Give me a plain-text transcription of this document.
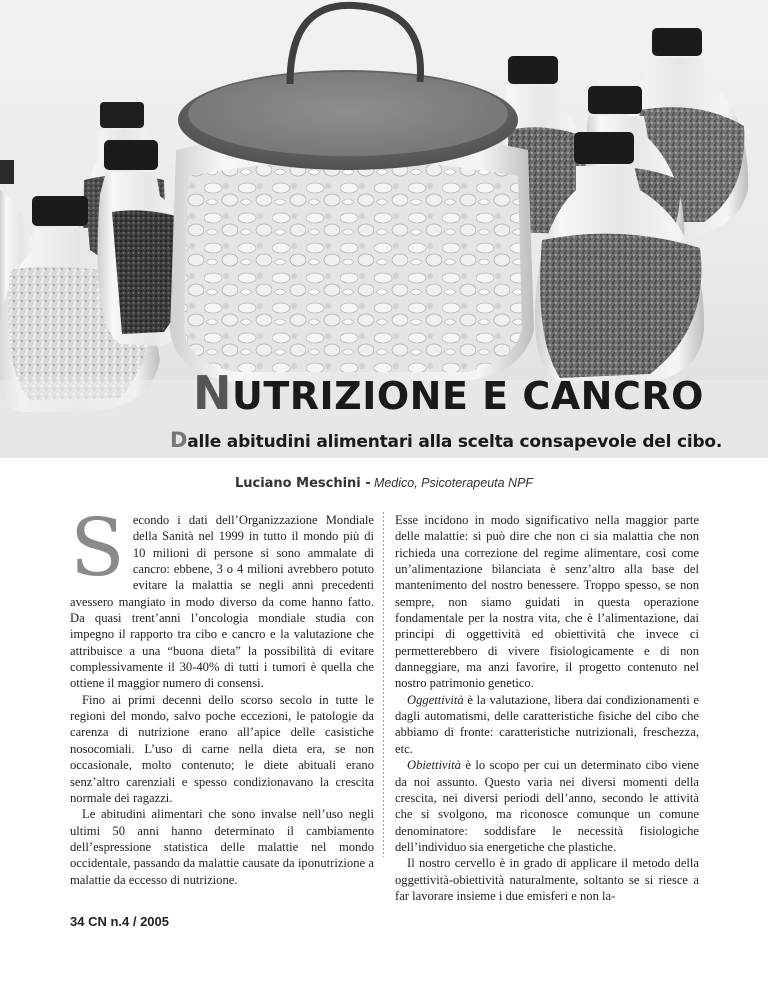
NUTRIZIONE E CANCRO
Dalle abitudini alimentari alla scelta consapevole del cibo.
Luciano Meschini - Medico, Psicoterapeuta NPF

Secondo i dati dell’Organizzazione Mondiale della Sanità nel 1999 in tutto il mondo più di 10 milioni di persone si sono ammalate di cancro: ebbene, 3 o 4 milioni avrebbero potuto evitare la malattia se negli anni precedenti avessero mangiato in modo diverso da come hanno fatto. Da quasi trent’anni l’oncologia mondiale studia con impegno il rapporto tra cibo e cancro e la valutazione che attribuisce a una “buona dieta” la possibilità di evitare complessivamente il 30-40% di tutti i tumori è quella che ottiene il maggior numero di consensi.

Fino ai primi decenni dello scorso secolo in tutte le regioni del mondo, salvo poche eccezioni, le patologie da carenza di nutrizione erano all’apice delle casistiche nosocomiali. L’uso di carne nella dieta era, se non occasionale, molto contenuto; le diete abituali erano senz’altro carenziali e spesso condizionavano la crescita normale dei ragazzi.

Le abitudini alimentari che sono invalse nell’uso negli ultimi 50 anni hanno determinato il cambiamento dell’espressione statistica delle malattie nel mondo occidentale, passando da malattie causate da iponutrizione a malattie da eccesso di nutrizione.

Esse incidono in modo significativo nella maggior parte delle malattie: si può dire che non ci sia malattia che non richieda una correzione del regime alimentare, così come un’alimentazione bilanciata è senz’altro alla base del mantenimento del nostro benessere. Troppo spesso, se non sempre, non siamo guidati in questa operazione fondamentale per la nostra vita, che è l’alimentazione, dai principi di oggettività ed obiettività che invece ci permetterebbero di vivere fisiologicamente e di non danneggiare, ma anzi favorire, il progetto contenuto nel nostro patrimonio genetico.

Oggettività è la valutazione, libera dai condizionamenti e dagli automatismi, delle caratteristiche fisiche del cibo che abbiamo di fronte: caratteristiche nutrizionali, freschezza, etc.

Obiettività è lo scopo per cui un determinato cibo viene da noi assunto. Questo varia nei diversi momenti della crescita, nei diversi periodi dell’anno, secondo le attività che si svolgono, ma riconosce comunque un comune denominatore: soddisfare le necessità fisiologiche dell’individuo sia energetiche che plastiche.

Il nostro cervello è in grado di applicare il metodo della oggettività-obiettività naturalmente, soltanto se si riesce a far lavorare insieme i due emisferi e non la-

34 CN n.4 / 2005
